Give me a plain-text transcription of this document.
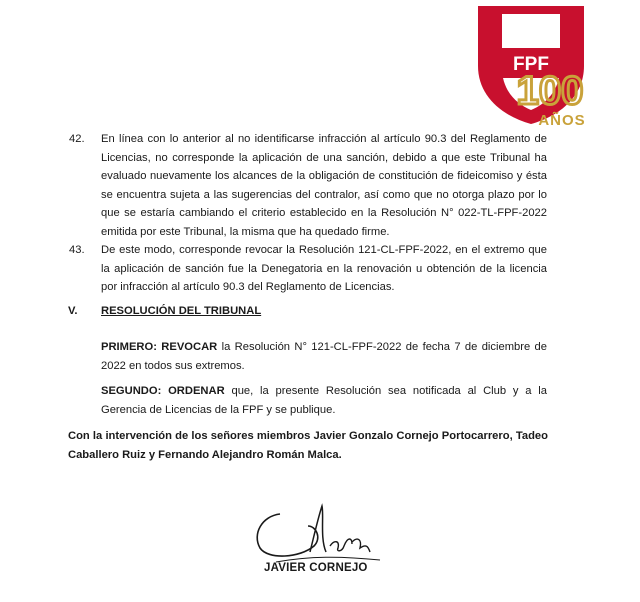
FPF
100
AÑOS
42. En línea con lo anterior al no identificarse infracción al artículo 90.3 del Reglamento de Licencias, no corresponde la aplicación de una sanción, debido a que este Tribunal ha evaluado nuevamente los alcances de la obligación de constitución de fideicomiso y ésta se encuentra sujeta a las sugerencias del contralor, así como que no otorga plazo por lo que se estaría cambiando el criterio establecido en la Resolución N° 022-TL-FPF-2022 emitida por este Tribunal, la misma que ha quedado firme.

43. De este modo, corresponde revocar la Resolución 121-CL-FPF-2022, en el extremo que la aplicación de sanción fue la Denegatoria en la renovación u obtención de la licencia por infracción al artículo 90.3 del Reglamento de Licencias.

V. RESOLUCIÓN DEL TRIBUNAL

PRIMERO: REVOCAR la Resolución N° 121-CL-FPF-2022 de fecha 7 de diciembre de 2022 en todos sus extremos.

SEGUNDO: ORDENAR que, la presente Resolución sea notificada al Club y a la Gerencia de Licencias de la FPF y se publique.

Con la intervención de los señores miembros Javier Gonzalo Cornejo Portocarrero, Tadeo Caballero Ruiz y Fernando Alejandro Román Malca.

JAVIER CORNEJO
